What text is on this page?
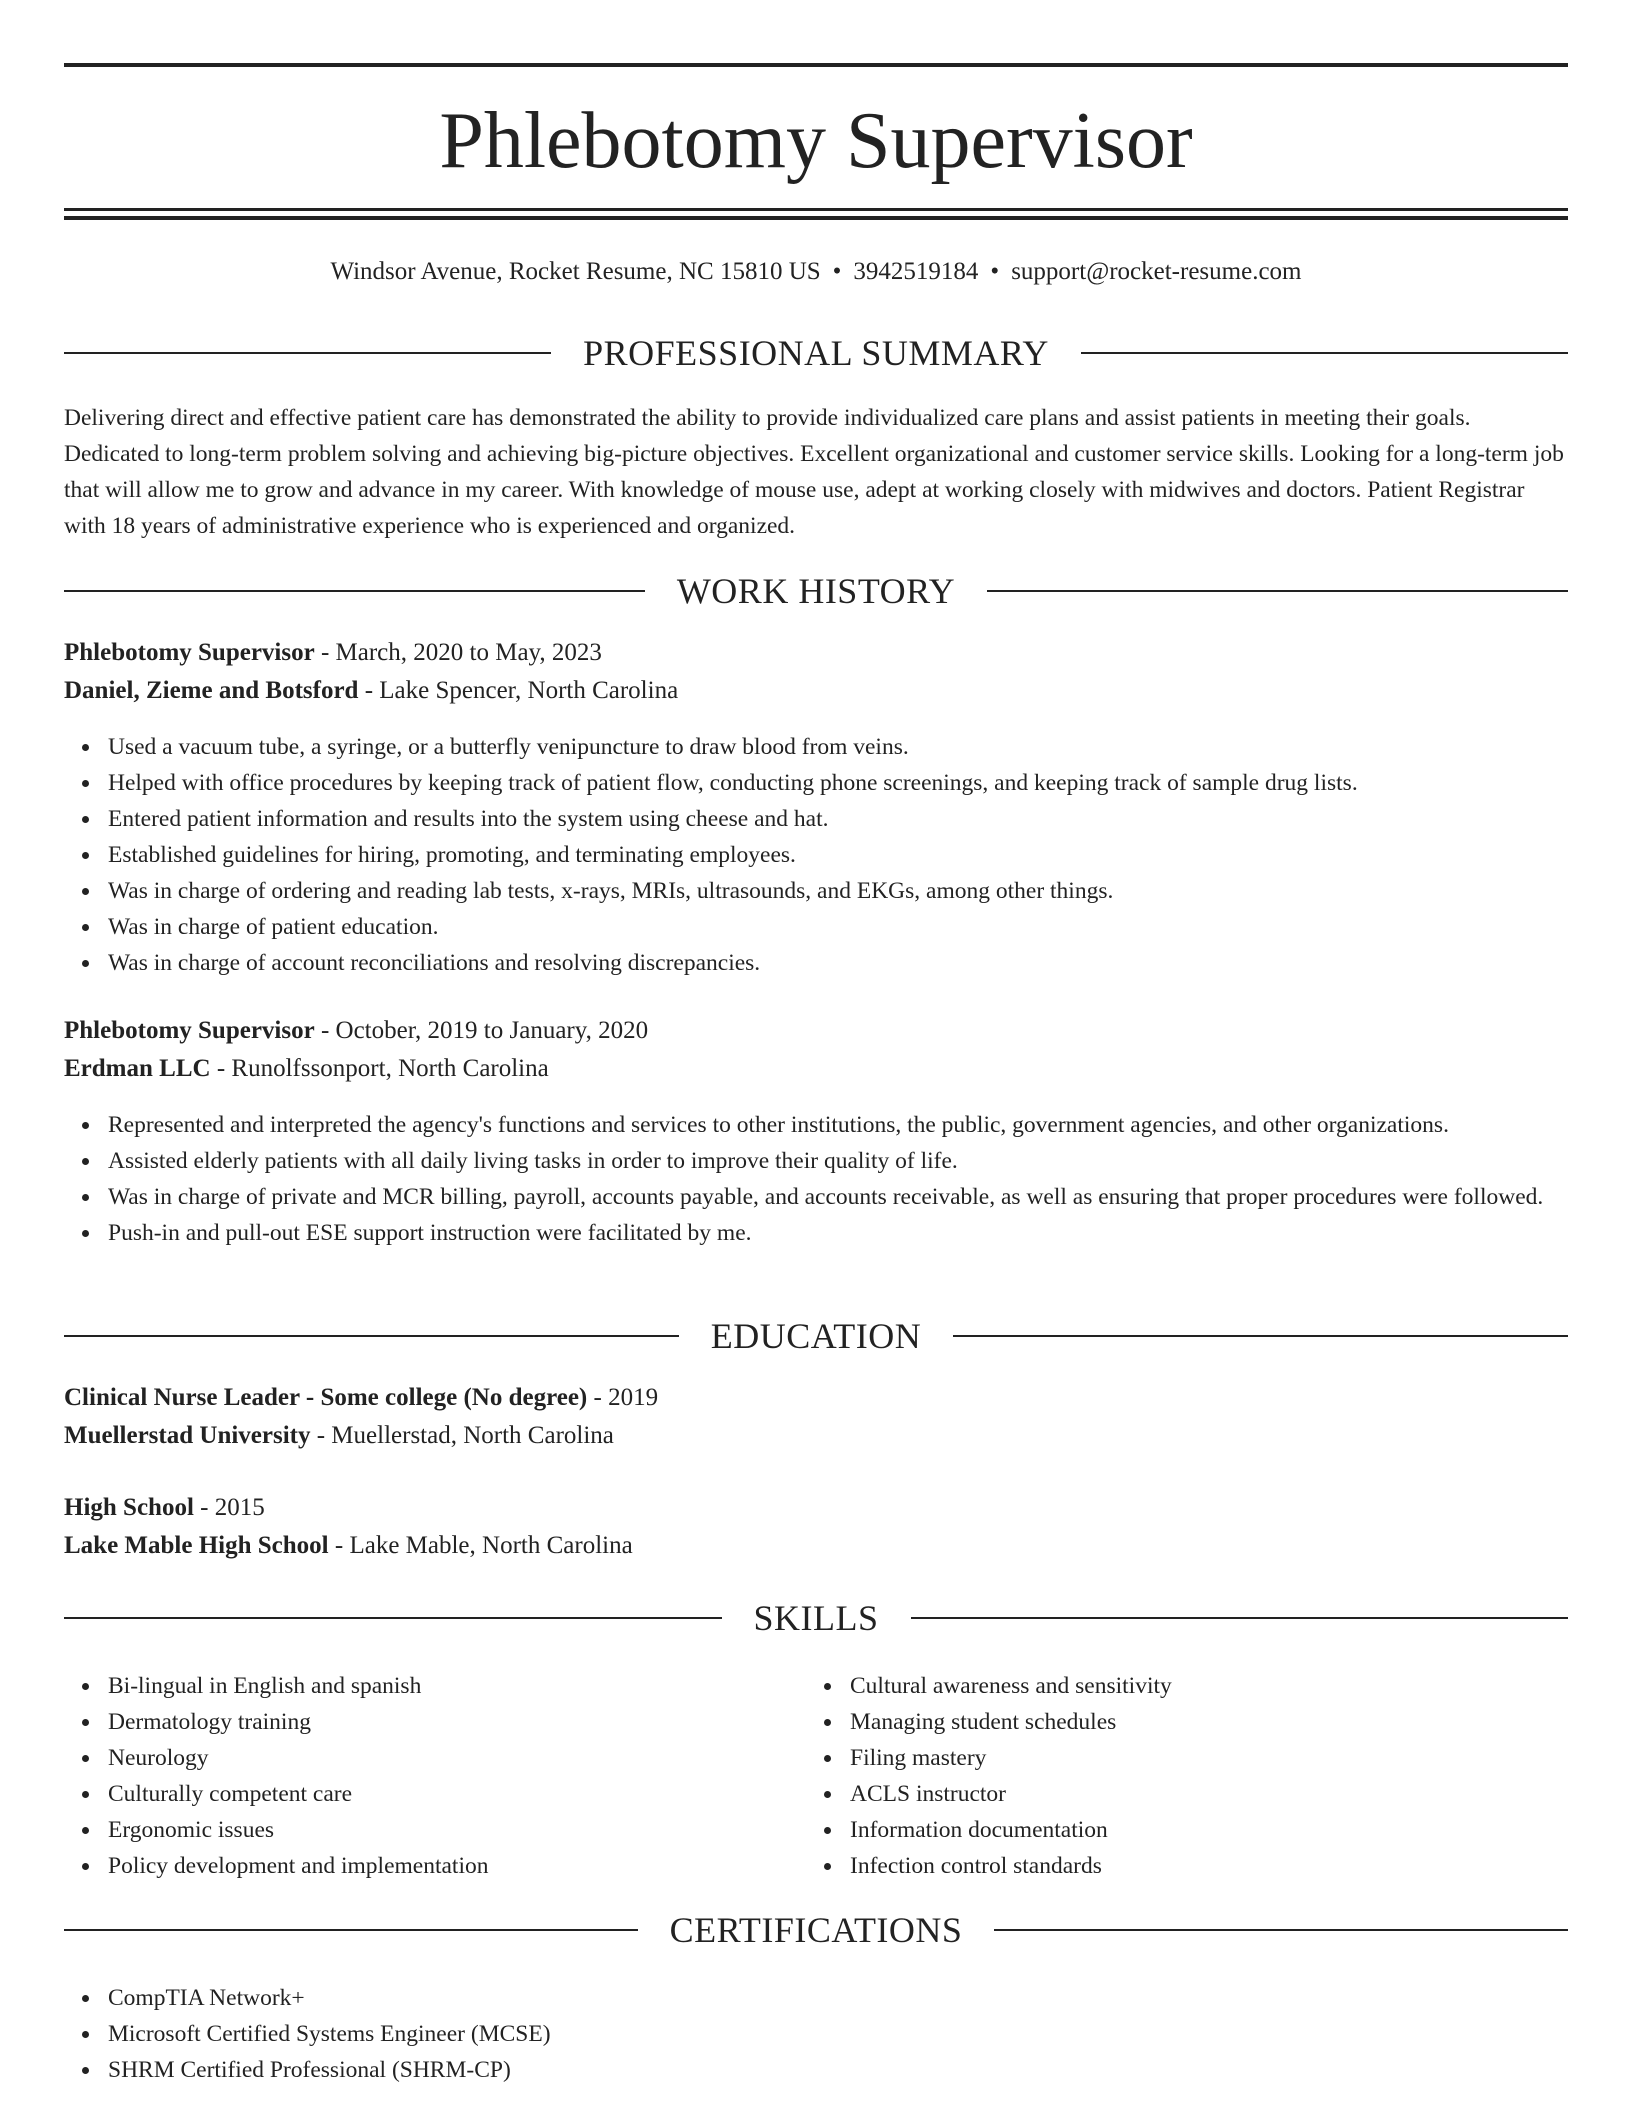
Phlebotomy Supervisor
Windsor Avenue, Rocket Resume, NC 15810 US • 3942519184 • support@rocket-resume.com
PROFESSIONAL SUMMARY

Delivering direct and effective patient care has demonstrated the ability to provide individualized care plans and assist patients in meeting their goals. Dedicated to long-term problem solving and achieving big-picture objectives. Excellent organizational and customer service skills. Looking for a long-term job that will allow me to grow and advance in my career. With knowledge of mouse use, adept at working closely with midwives and doctors. Patient Registrar with 18 years of administrative experience who is experienced and organized.

WORK HISTORY
Phlebotomy Supervisor - March, 2020 to May, 2023
Daniel, Zieme and Botsford - Lake Spencer, North Carolina
Used a vacuum tube, a syringe, or a butterfly venipuncture to draw blood from veins.
Helped with office procedures by keeping track of patient flow, conducting phone screenings, and keeping track of sample drug lists.
Entered patient information and results into the system using cheese and hat.
Established guidelines for hiring, promoting, and terminating employees.
Was in charge of ordering and reading lab tests, x-rays, MRIs, ultrasounds, and EKGs, among other things.
Was in charge of patient education.
Was in charge of account reconciliations and resolving discrepancies.
Phlebotomy Supervisor - October, 2019 to January, 2020
Erdman LLC - Runolfssonport, North Carolina
Represented and interpreted the agency's functions and services to other institutions, the public, government agencies, and other organizations.
Assisted elderly patients with all daily living tasks in order to improve their quality of life.
Was in charge of private and MCR billing, payroll, accounts payable, and accounts receivable, as well as ensuring that proper procedures were followed.
Push-in and pull-out ESE support instruction were facilitated by me.
EDUCATION
Clinical Nurse Leader - Some college (No degree) - 2019
Muellerstad University - Muellerstad, North Carolina
High School - 2015
Lake Mable High School - Lake Mable, North Carolina
SKILLS
Bi-lingual in English and spanish
Dermatology training
Neurology
Culturally competent care
Ergonomic issues
Policy development and implementation
Cultural awareness and sensitivity
Managing student schedules
Filing mastery
ACLS instructor
Information documentation
Infection control standards
CERTIFICATIONS
CompTIA Network+
Microsoft Certified Systems Engineer (MCSE)
SHRM Certified Professional (SHRM-CP)
